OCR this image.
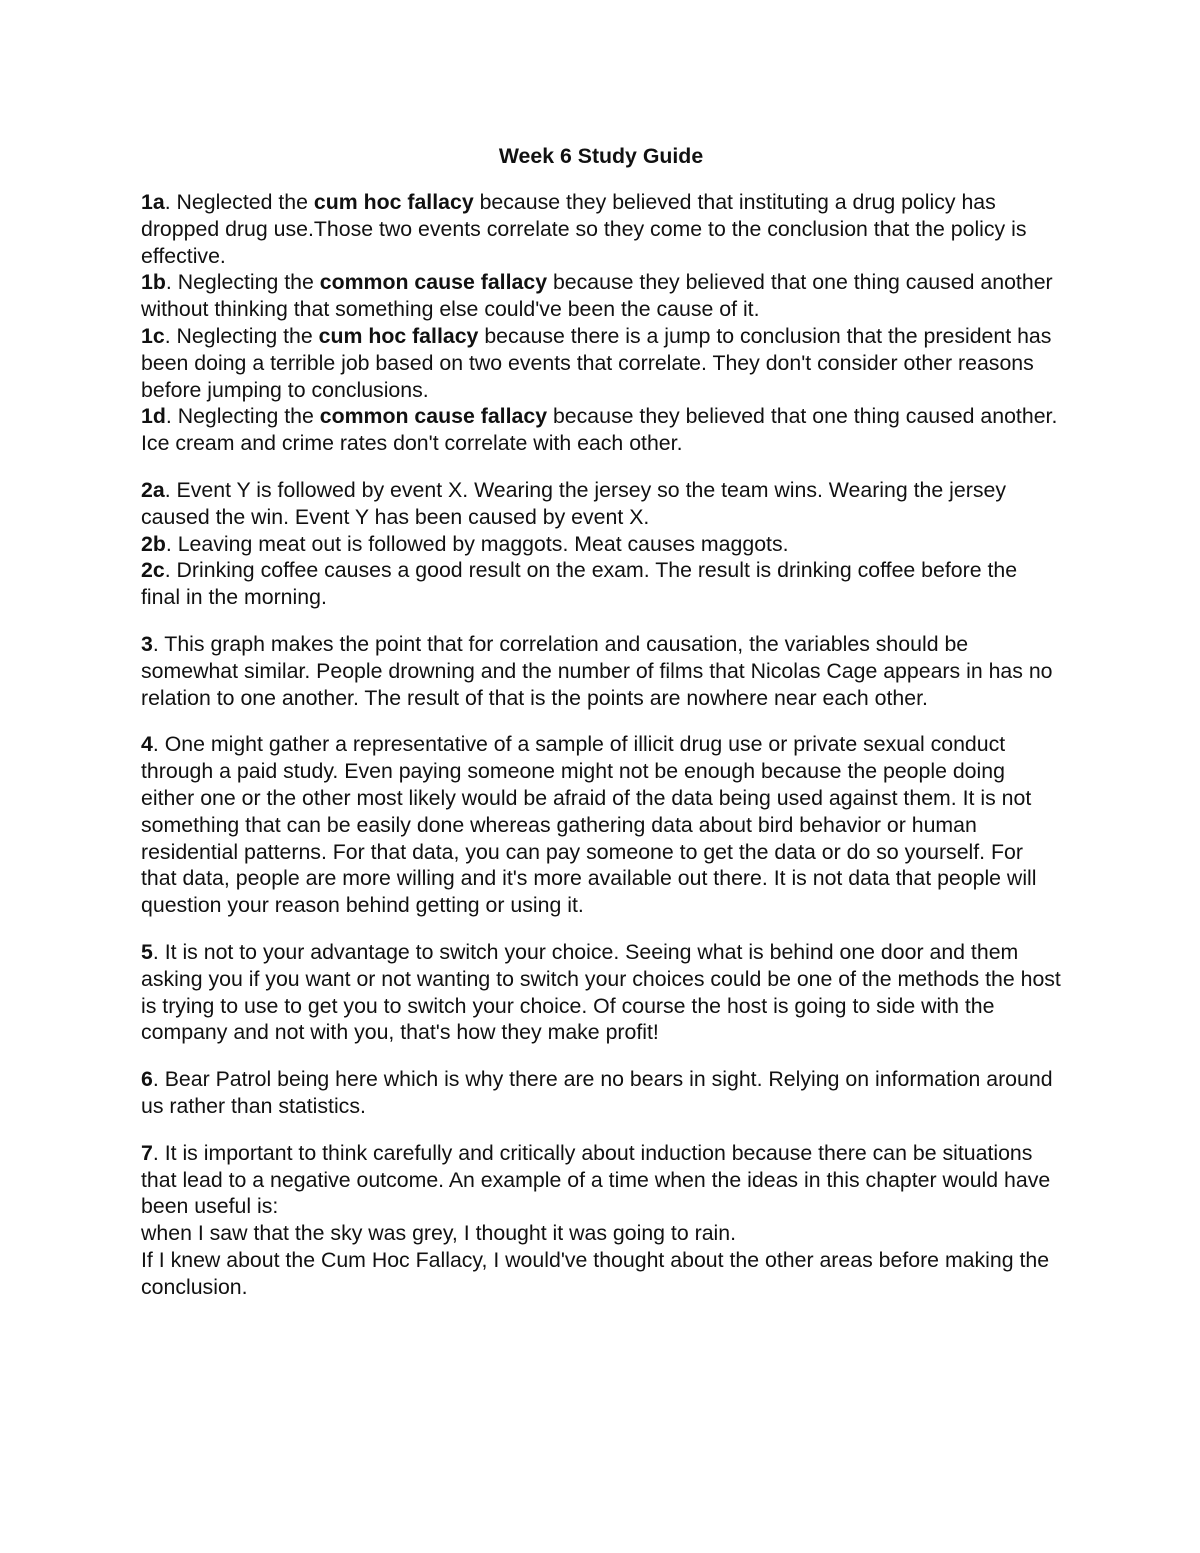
Week 6 Study Guide
1a. Neglected the cum hoc fallacy because they believed that instituting a drug policy has dropped drug use.Those two events correlate so they come to the conclusion that the policy is effective.
1b. Neglecting the common cause fallacy because they believed that one thing caused another without thinking that something else could've been the cause of it.
1c. Neglecting the cum hoc fallacy because there is a jump to conclusion that the president has been doing a terrible job based on two events that correlate. They don't consider other reasons before jumping to conclusions.
1d. Neglecting the common cause fallacy because they believed that one thing caused another. Ice cream and crime rates don't correlate with each other.
2a. Event Y is followed by event X. Wearing the jersey so the team wins. Wearing the jersey caused the win. Event Y has been caused by event X.
2b. Leaving meat out is followed by maggots. Meat causes maggots.
2c. Drinking coffee causes a good result on the exam. The result is drinking coffee before the final in the morning.
3. This graph makes the point that for correlation and causation, the variables should be somewhat similar. People drowning and the number of films that Nicolas Cage appears in has no relation to one another. The result of that is the points are nowhere near each other.
4. One might gather a representative of a sample of illicit drug use or private sexual conduct through a paid study. Even paying someone might not be enough because the people doing either one or the other most likely would be afraid of the data being used against them. It is not something that can be easily done whereas gathering data about bird behavior or human residential patterns. For that data, you can pay someone to get the data or do so yourself. For that data, people are more willing and it's more available out there. It is not data that people will question your reason behind getting or using it.
5. It is not to your advantage to switch your choice. Seeing what is behind one door and them asking you if you want or not wanting to switch your choices could be one of the methods the host is trying to use to get you to switch your choice. Of course the host is going to side with the company and not with you, that's how they make profit!
6. Bear Patrol being here which is why there are no bears in sight. Relying on information around us rather than statistics.
7. It is important to think carefully and critically about induction because there can be situations that lead to a negative outcome. An example of a time when the ideas in this chapter would have been useful is:
when I saw that the sky was grey, I thought it was going to rain.
If I knew about the Cum Hoc Fallacy, I would've thought about the other areas before making the conclusion.
